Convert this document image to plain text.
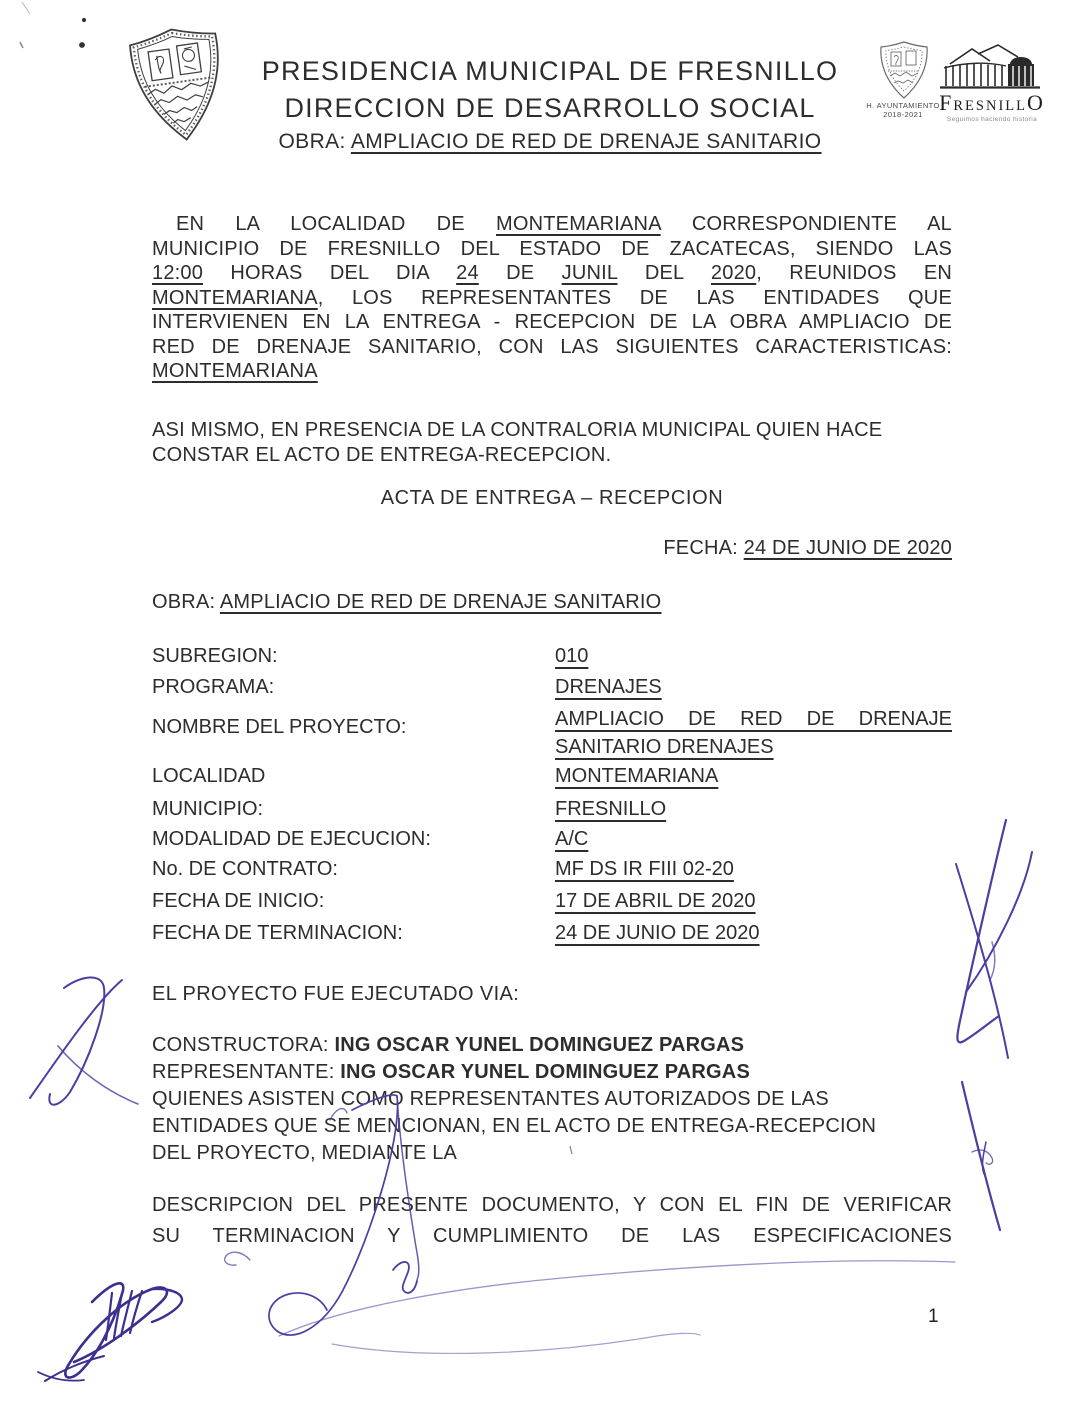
PRESIDENCIA MUNICIPAL DE FRESNILLO
DIRECCION DE DESARROLLO SOCIAL
OBRA: AMPLIACIO DE RED DE DRENAJE SANITARIO
H. AYUNTAMIENTO
2018-2021 FRESNILLO
Seguimos haciendo historia
EN LA LOCALIDAD DE MONTEMARIANA CORRESPONDIENTE AL
MUNICIPIO DE FRESNILLO DEL ESTADO DE ZACATECAS, SIENDO LAS
12:00 HORAS DEL DIA 24 DE JUNIL DEL 2020, REUNIDOS EN
MONTEMARIANA, LOS REPRESENTANTES DE LAS ENTIDADES QUE
INTERVIENEN EN LA ENTREGA - RECEPCION DE LA OBRA AMPLIACIO DE
RED DE DRENAJE SANITARIO, CON LAS SIGUIENTES CARACTERISTICAS:
MONTEMARIANA
ASI MISMO, EN PRESENCIA DE LA CONTRALORIA MUNICIPAL QUIEN HACE
CONSTAR EL ACTO DE ENTREGA-RECEPCION.
ACTA DE ENTREGA – RECEPCION
FECHA: 24 DE JUNIO DE 2020
OBRA: AMPLIACIO DE RED DE DRENAJE SANITARIO
SUBREGION:	010
PROGRAMA:	DRENAJES
NOMBRE DEL PROYECTO:	AMPLIACIO DE RED DE DRENAJE
SANITARIO DRENAJES
LOCALIDAD	MONTEMARIANA
MUNICIPIO:	FRESNILLO
MODALIDAD DE EJECUCION:	A/C
No. DE CONTRATO:	MF DS IR FIII 02-20
FECHA DE INICIO:	17 DE ABRIL DE 2020
FECHA DE TERMINACION:	24 DE JUNIO DE 2020
EL PROYECTO FUE EJECUTADO VIA:
CONSTRUCTORA: ING OSCAR YUNEL DOMINGUEZ PARGAS
REPRESENTANTE: ING OSCAR YUNEL DOMINGUEZ PARGAS
QUIENES ASISTEN COMO REPRESENTANTES AUTORIZADOS DE LAS
ENTIDADES QUE SE MENCIONAN, EN EL ACTO DE ENTREGA-RECEPCION
DEL PROYECTO, MEDIANTE LA
DESCRIPCION DEL PRESENTE DOCUMENTO, Y CON EL FIN DE VERIFICAR
SU TERMINACION Y CUMPLIMIENTO DE LAS ESPECIFICACIONES
1
